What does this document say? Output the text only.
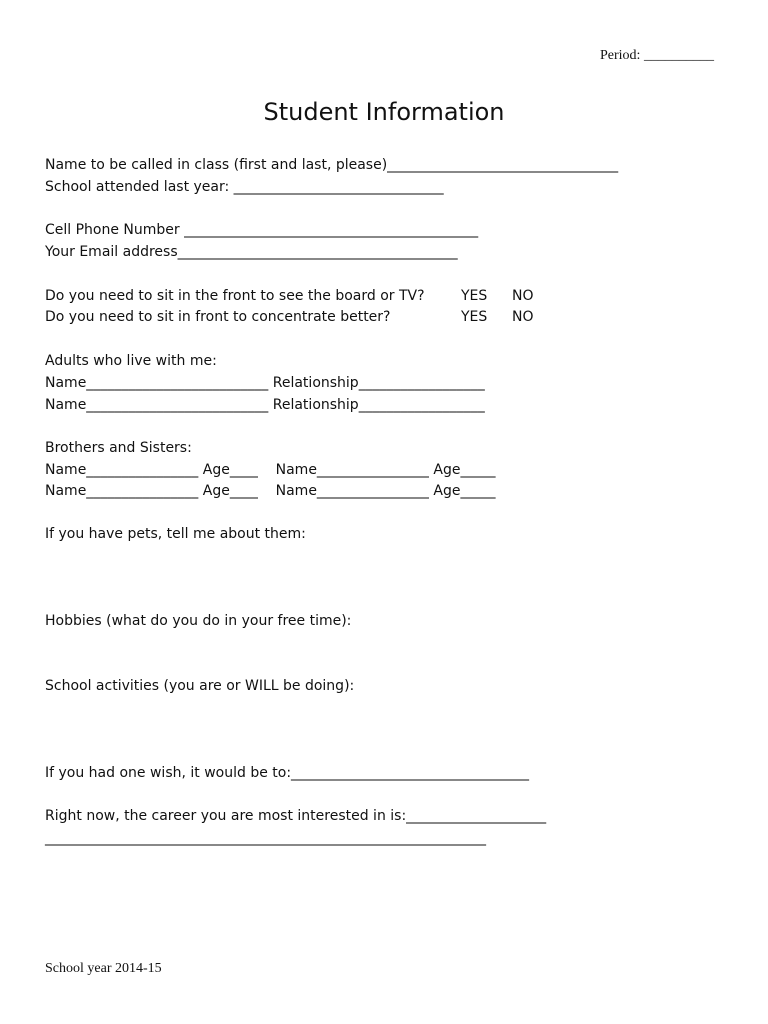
Period: __________
Student Information
Name to be called in class (first and last, please)_________________________________
School attended last year: ______________________________
Cell Phone Number __________________________________________
Your Email address________________________________________
Do you need to sit in the front to see the board or TV?	YES NO
Do you need to sit in front to concentrate better?	YES NO
Adults who live with me:
Name__________________________ Relationship__________________
Name__________________________ Relationship__________________
Brothers and Sisters:
Name________________ Age____    Name________________ Age_____
Name________________ Age____    Name________________ Age_____
If you have pets, tell me about them:
Hobbies (what do you do in your free time):
School activities (you are or WILL be doing):
If you had one wish, it would be to:__________________________________
Right now, the career you are most interested in is:____________________
_______________________________________________________________
School year 2014-15
